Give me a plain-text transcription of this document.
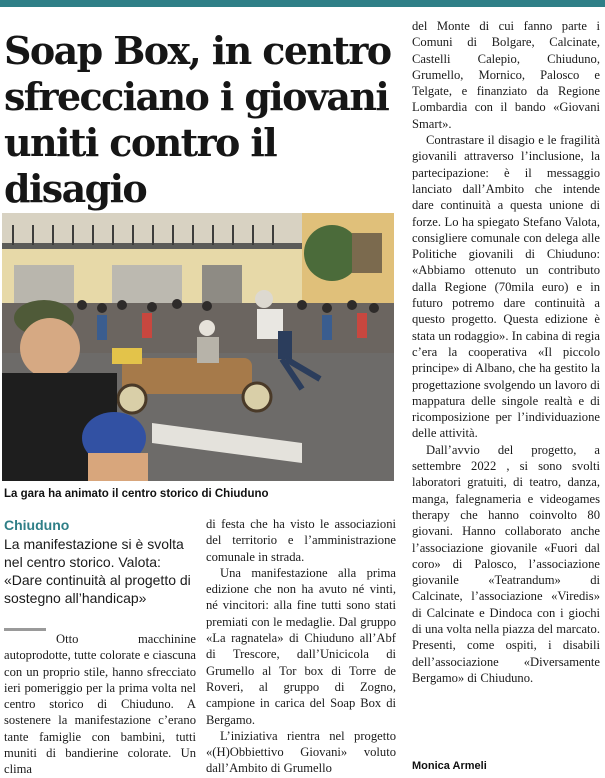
Soap Box, in centro sfrecciano i giovani uniti contro il disagio
La gara ha animato il centro storico di Chiuduno
Chiuduno
La manifestazione si è svolta nel centro storico. Valota: «Dare continuità al progetto di sostegno all’handicap»

Otto macchinine autoprodotte, tutte colorate e ciascuna con un proprio stile, hanno sfrecciato ieri pomeriggio per la prima volta nel centro storico di Chiuduno. A sostenere la manifestazione c’erano tante famiglie con bambini, tutti muniti di bandierine colorate. Un clima

di festa che ha visto le associazioni del territorio e l’amministrazione comunale in strada.

Una manifestazione alla prima edizione che non ha avuto né vinti, né vincitori: alla fine tutti sono stati premiati con le medaglie. Dal gruppo «La ragnatela» di Chiuduno all’Abf di Trescore, dall’Unicicola di Grumello al Tor box di Torre de Roveri, al gruppo di Zogno, campione in carica del Soap Box di Bergamo.

L’iniziativa rientra nel progetto «(H)Obbiettivo Giovani» voluto dall’Ambito di Grumello

del Monte di cui fanno parte i Comuni di Bolgare, Calcinate, Castelli Calepio, Chiuduno, Grumello, Mornico, Palosco e Telgate, e finanziato da Regione Lombardia con il bando «Giovani Smart».

Contrastare il disagio e le fragilità giovanili attraverso l’inclusione, la partecipazione: è il messaggio lanciato dall’Ambito che intende dare continuità a questa unione di forze. Lo ha spiegato Stefano Valota, consigliere comunale con delega alle Politiche giovanili di Chiuduno: «Abbiamo ottenuto un contributo dalla Regione (70mila euro) e in futuro potremo dare continuità a questo progetto. Questa edizione è stata un rodaggio». In cabina di regia c’era la cooperativa «Il piccolo principe» di Albano, che ha gestito la progettazione svolgendo un lavoro di mappatura delle singole realtà e di ricomposizione per l’individuazione delle attività.

Dall’avvio del progetto, a settembre 2022 , si sono svolti laboratori gratuiti, di teatro, danza, manga, falegnameria e videogames therapy che hanno coinvolto 80 giovani. Hanno collaborato anche l’associazione giovanile «Fuori dal coro» di Palosco, l’associazione giovanile «Teatrandum» di Calcinate, l’associazione «Viredis» di Calcinate e Dindoca con i giochi di una volta nella piazza del marcato. Presenti, come ospiti, i disabili dell’associazione «Diversamente Bergamo» di Chiuduno.

Monica Armeli
